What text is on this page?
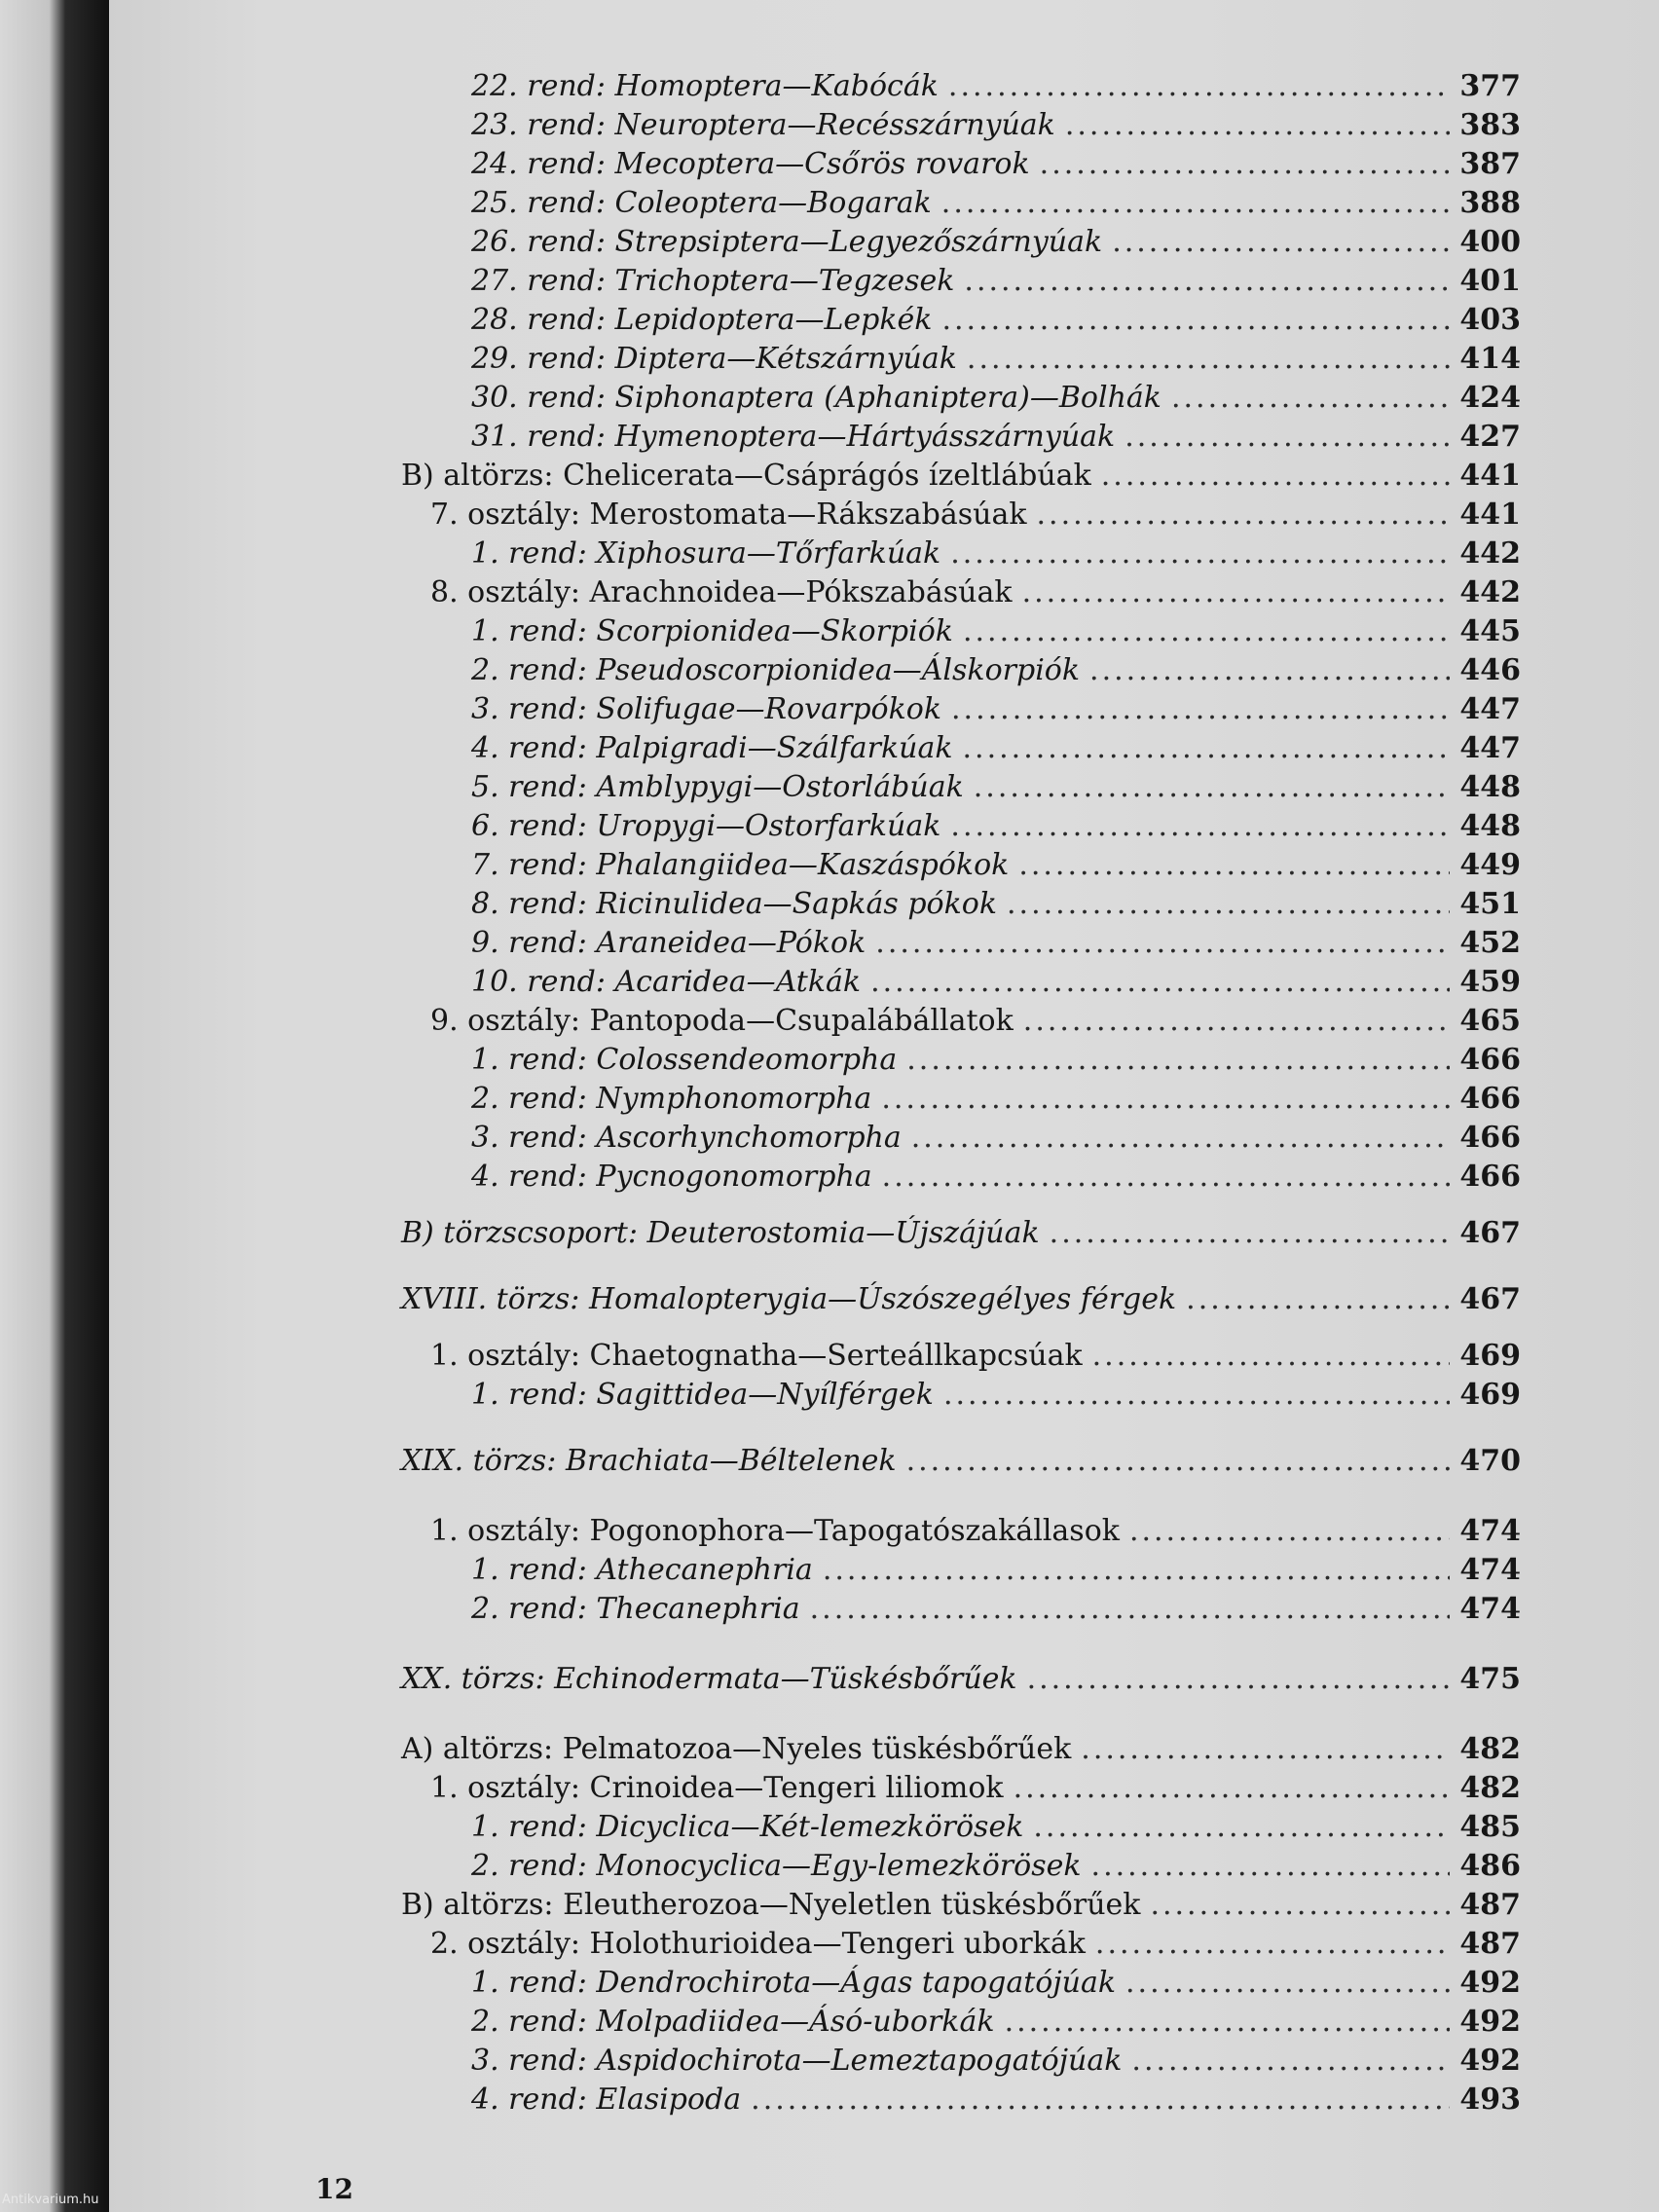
22. rend: Homoptera—Kabócák .....	377
23. rend: Neuroptera—Recésszárnyúak .....	383
24. rend: Mecoptera—Csőrös rovarok .....	387
25. rend: Coleoptera—Bogarak .....	388
26. rend: Strepsiptera—Legyezőszárnyúak .....	400
27. rend: Trichoptera—Tegzesek .....	401
28. rend: Lepidoptera—Lepkék .....	403
29. rend: Diptera—Kétszárnyúak .....	414
30. rend: Siphonaptera (Aphaniptera)—Bolhák .....	424
31. rend: Hymenoptera—Hártyásszárnyúak .....	427
B) altörzs: Chelicerata—Csáprágós ízeltlábúak .....	441
7. osztály: Merostomata—Rákszabásúak .....	441
1. rend: Xiphosura—Tőrfarkúak .....	442
8. osztály: Arachnoidea—Pókszabásúak .....	442
1. rend: Scorpionidea—Skorpiók .....	445
2. rend: Pseudoscorpionidea—Álskorpiók .....	446
3. rend: Solifugae—Rovarpókok .....	447
4. rend: Palpigradi—Szálfarkúak .....	447
5. rend: Amblypygi—Ostorlábúak .....	448
6. rend: Uropygi—Ostorfarkúak .....	448
7. rend: Phalangiidea—Kaszáspókok .....	449
8. rend: Ricinulidea—Sapkás pókok .....	451
9. rend: Araneidea—Pókok .....	452
10. rend: Acaridea—Atkák .....	459
9. osztály: Pantopoda—Csupalábállatok .....	465
1. rend: Colossendeomorpha .....	466
2. rend: Nymphonomorpha .....	466
3. rend: Ascorhynchomorpha .....	466
4. rend: Pycnogonomorpha .....	466
B) törzscsoport: Deuterostomia—Újszájúak .....	467
XVIII. törzs: Homalopterygia—Úszószegélyes férgek .....	467
1. osztály: Chaetognatha—Serteállkapcsúak .....	469
1. rend: Sagittidea—Nyílférgek .....	469
XIX. törzs: Brachiata—Béltelenek .....	470
1. osztály: Pogonophora—Tapogatószakállasok .....	474
1. rend: Athecanephria .....	474
2. rend: Thecanephria .....	474
XX. törzs: Echinodermata—Tüskésbőrűek .....	475
A) altörzs: Pelmatozoa—Nyeles tüskésbőrűek .....	482
1. osztály: Crinoidea—Tengeri liliomok .....	482
1. rend: Dicyclica—Két-lemezkörösek .....	485
2. rend: Monocyclica—Egy-lemezkörösek .....	486
B) altörzs: Eleutherozoa—Nyeletlen tüskésbőrűek .....	487
2. osztály: Holothurioidea—Tengeri uborkák .....	487
1. rend: Dendrochirota—Ágas tapogatójúak .....	492
2. rend: Molpadiidea—Ásó-uborkák .....	492
3. rend: Aspidochirota—Lemeztapogatójúak .....	492
4. rend: Elasipoda .....	493
12
Antikvarium.hu
